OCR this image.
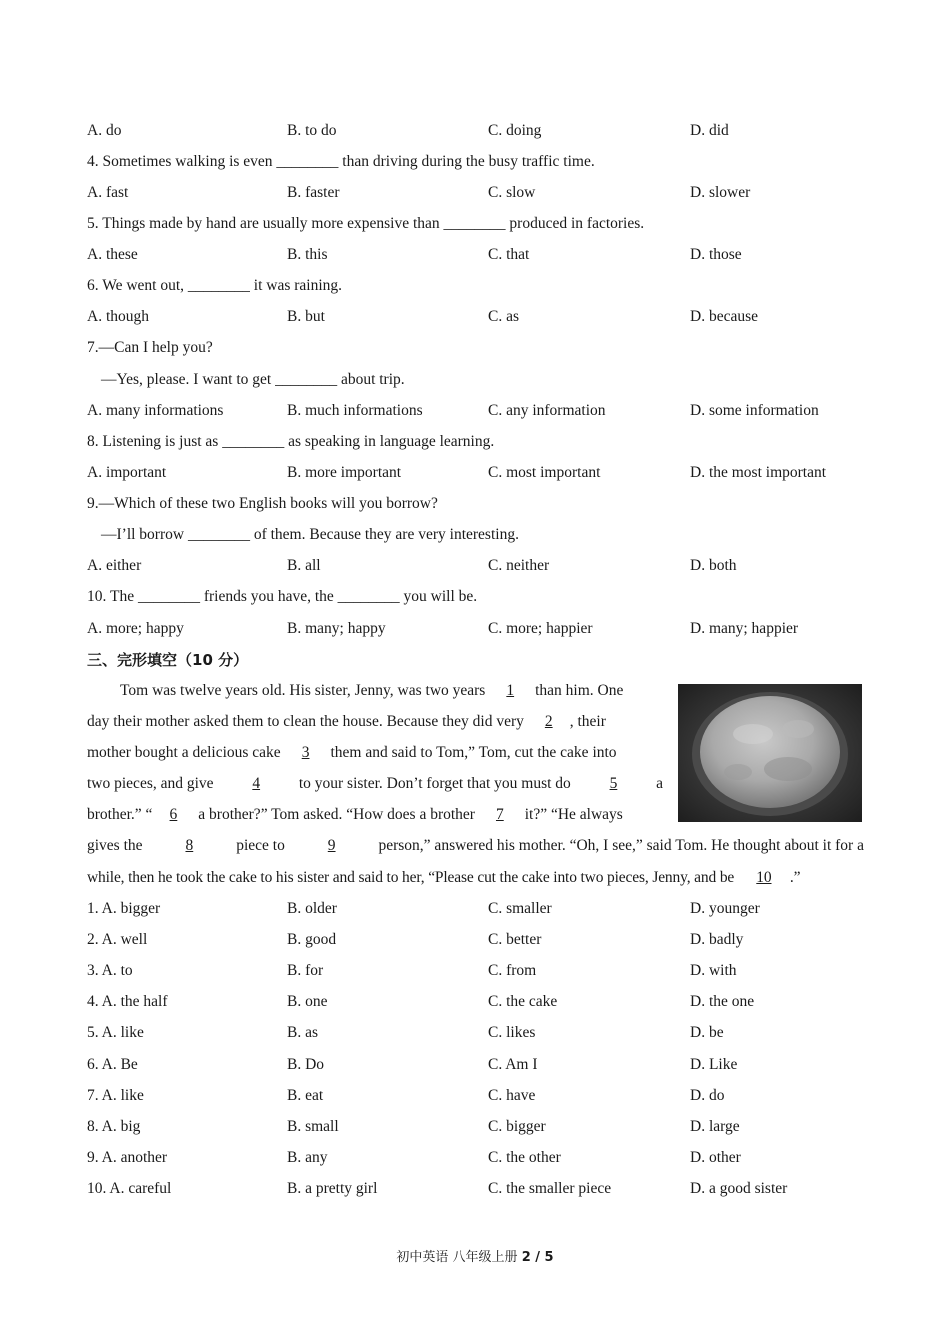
A. do	B. to do	C. doing	D. did
4. Sometimes walking is even ________ than driving during the busy traffic time.
A. fast	B. faster	C. slow	D. slower
5. Things made by hand are usually more expensive than ________ produced in factories.
A. these	B. this	C. that	D. those
6. We went out, ________ it was raining.
A. though	B. but	C. as	D. because
7.—Can I help you?
—Yes, please. I want to get ________ about trip.
A. many informations	B. much informations	C. any information	D. some information
8. Listening is just as ________ as speaking in language learning.
A. important	B. more important	C. most important	D. the most important
9.—Which of these two English books will you borrow?
—I’ll borrow ________ of them. Because they are very interesting.
A. either	B. all	C. neither	D. both
10. The ________ friends you have, the ________ you will be.
A. more; happy	B. many; happy	C. more; happier	D. many; happier
三、完形填空（10 分）
Tom was twelve years old. His sister, Jenny, was two years 1 than him. One
day their mother asked them to clean the house. Because they did very 2 , their
mother bought a delicious cake 3 them and said to Tom,” Tom, cut the cake into
two pieces, and give	4	to your sister. Don’t forget that you must do	5	a
brother.” “ 6 a brother?” Tom asked. “How does a brother 7 it?” “He always
gives the	8	piece to	9	person,” answered his mother. “Oh, I see,” said Tom. He thought about it for a
while, then he took the cake to his sister and said to her, “Please cut the cake into two pieces, Jenny, and be 10 .”
1. A. bigger	B. older	C. smaller	D. younger
2. A. well	B. good	C. better	D. badly
3. A. to	B. for	C. from	D. with
4. A. the half	B. one	C. the cake	D. the one
5. A. like	B. as	C. likes	D. be
6. A. Be	B. Do	C. Am I	D. Like
7. A. like	B. eat	C. have	D. do
8. A. big	B. small	C. bigger	D. large
9. A. another	B. any	C. the other	D. other
10. A. careful	B. a pretty girl	C. the smaller piece	D. a good sister
初中英语 八年级上册 2 / 5
